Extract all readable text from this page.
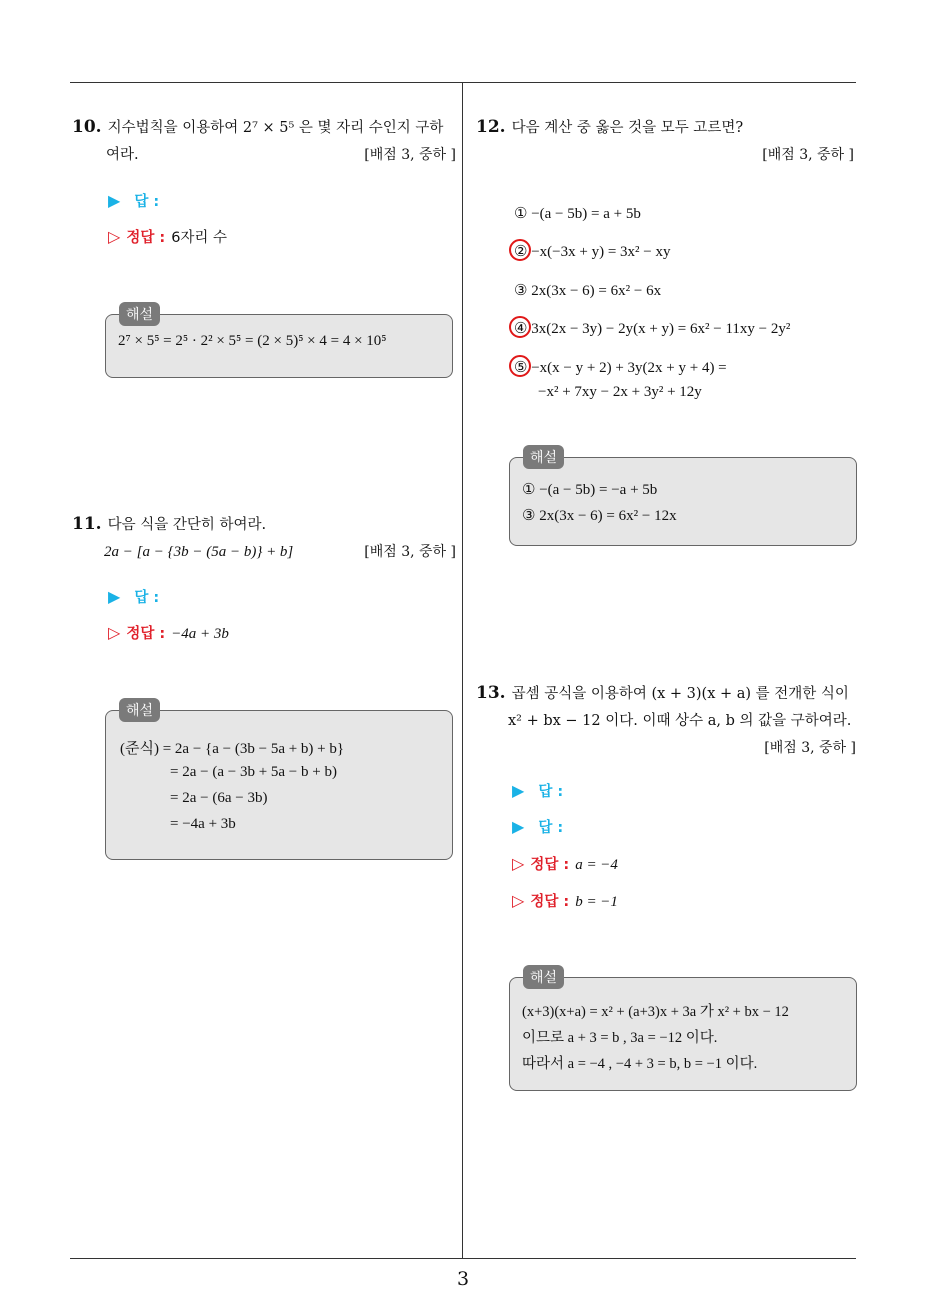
3
10. 지수법칙을 이용하여 2⁷ × 5⁵ 은 몇 자리 수인지 구하
여라.	[배점 3, 중하 ]
▶ 답 :
▷ 정답 : 6자리 수
2⁷ × 5⁵ = 2⁵ · 2² × 5⁵ = (2 × 5)⁵ × 4 = 4 × 10⁵
해설
11. 다음 식을 간단히 하여라.
2a − [a − {3b − (5a − b)} + b]	[배점 3, 중하 ]
▶ 답 :
▷ 정답 : −4a + 3b
(준식) = 2a − {a − (3b − 5a + b) + b}
= 2a − (a − 3b + 5a − b + b)
= 2a − (6a − 3b)
= −4a + 3b
해설
12. 다음 계산 중 옳은 것을 모두 고르면?
[배점 3, 중하 ]
① −(a − 5b) = a + 5b
② −x(−3x + y) = 3x² − xy
③ 2x(3x − 6) = 6x² − 6x
④ 3x(2x − 3y) − 2y(x + y) = 6x² − 11xy − 2y²
⑤ −x(x − y + 2) + 3y(2x + y + 4) =
−x² + 7xy − 2x + 3y² + 12y
① −(a − 5b) = −a + 5b
③ 2x(3x − 6) = 6x² − 12x
해설
13. 곱셈 공식을 이용하여 (x + 3)(x + a) 를 전개한 식이
x² + bx − 12 이다. 이때 상수 a, b 의 값을 구하여라.
[배점 3, 중하 ]
▶ 답 :
▶ 답 :
▷ 정답 : a = −4
▷ 정답 : b = −1
(x+3)(x+a) = x² + (a+3)x + 3a 가 x² + bx − 12
이므로 a + 3 = b , 3a = −12 이다.
따라서 a = −4 , −4 + 3 = b, b = −1 이다.
해설
